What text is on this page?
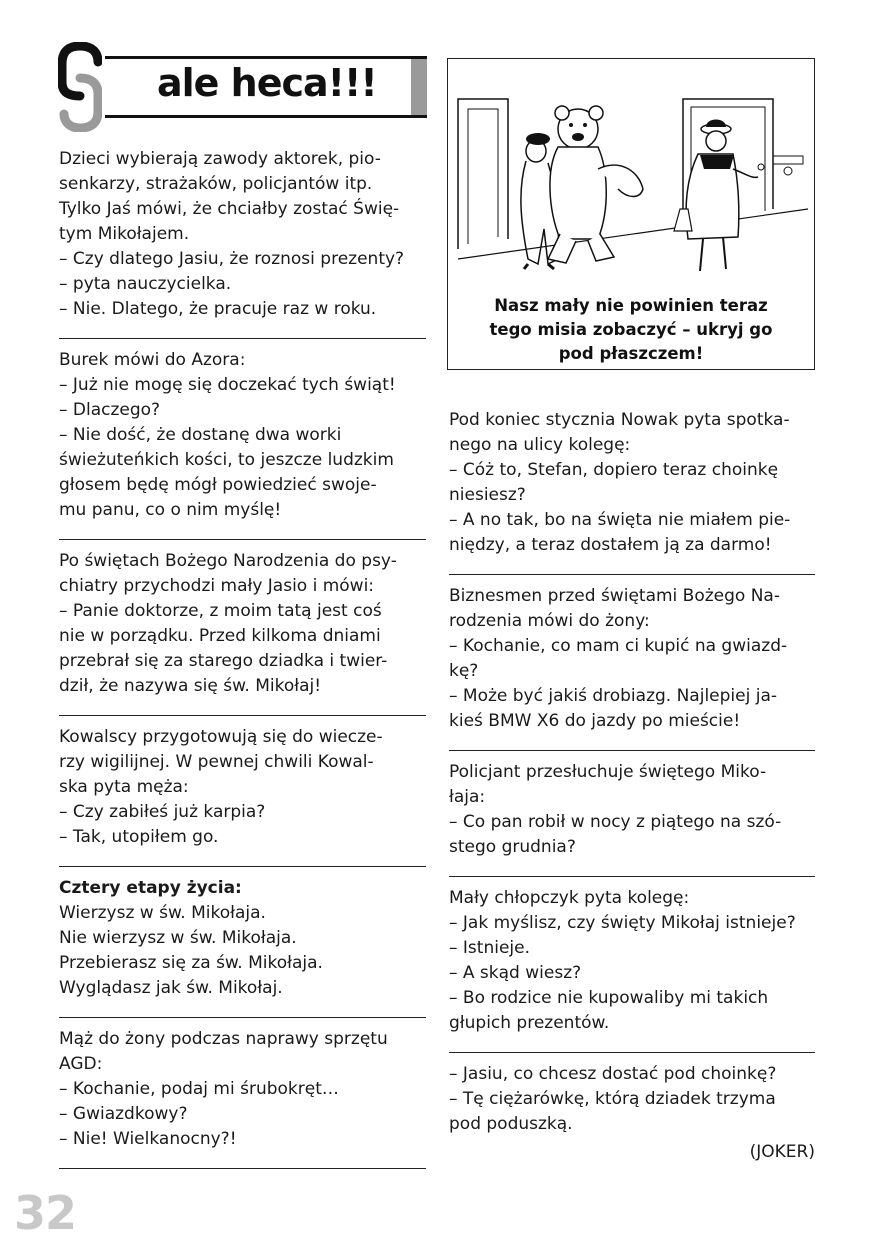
ale heca!!!
Dzieci wybierają zawody aktorek, pio-
senkarzy, strażaków, policjantów itp.
Tylko Jaś mówi, że chciałby zostać Świę-
tym Mikołajem.
– Czy dlatego Jasiu, że roznosi prezenty?
– pyta nauczycielka.
– Nie. Dlatego, że pracuje raz w roku.
Burek mówi do Azora:
– Już nie mogę się doczekać tych świąt!
– Dlaczego?
– Nie dość, że dostanę dwa worki
świeżuteńkich kości, to jeszcze ludzkim
głosem będę mógł powiedzieć swoje-
mu panu, co o nim myślę!
Po świętach Bożego Narodzenia do psy-
chiatry przychodzi mały Jasio i mówi:
– Panie doktorze, z moim tatą jest coś
nie w porządku. Przed kilkoma dniami
przebrał się za starego dziadka i twier-
dził, że nazywa się św. Mikołaj!
Kowalscy przygotowują się do wiecze-
rzy wigilijnej. W pewnej chwili Kowal-
ska pyta męża:
– Czy zabiłeś już karpia?
– Tak, utopiłem go.
Cztery etapy życia:
Wierzysz w św. Mikołaja.
Nie wierzysz w św. Mikołaja.
Przebierasz się za św. Mikołaja.
Wyglądasz jak św. Mikołaj.
Mąż do żony podczas naprawy sprzętu
AGD:
– Kochanie, podaj mi śrubokręt…
– Gwiazdkowy?
– Nie! Wielkanocny?!
Nasz mały nie powinien teraz
tego misia zobaczyć – ukryj go
pod płaszczem!
Pod koniec stycznia Nowak pyta spotka-
nego na ulicy kolegę:
– Cóż to, Stefan, dopiero teraz choinkę
niesiesz?
– A no tak, bo na święta nie miałem pie-
niędzy, a teraz dostałem ją za darmo!
Biznesmen przed świętami Bożego Na-
rodzenia mówi do żony:
– Kochanie, co mam ci kupić na gwiazd-
kę?
– Może być jakiś drobiazg. Najlepiej ja-
kieś BMW X6 do jazdy po mieście!
Policjant przesłuchuje świętego Miko-
łaja:
– Co pan robił w nocy z piątego na szó-
stego grudnia?
Mały chłopczyk pyta kolegę:
– Jak myślisz, czy święty Mikołaj istnieje?
– Istnieje.
– A skąd wiesz?
– Bo rodzice nie kupowaliby mi takich
głupich prezentów.
– Jasiu, co chcesz dostać pod choinkę?
– Tę ciężarówkę, którą dziadek trzyma
pod poduszką.
(JOKER)
32
